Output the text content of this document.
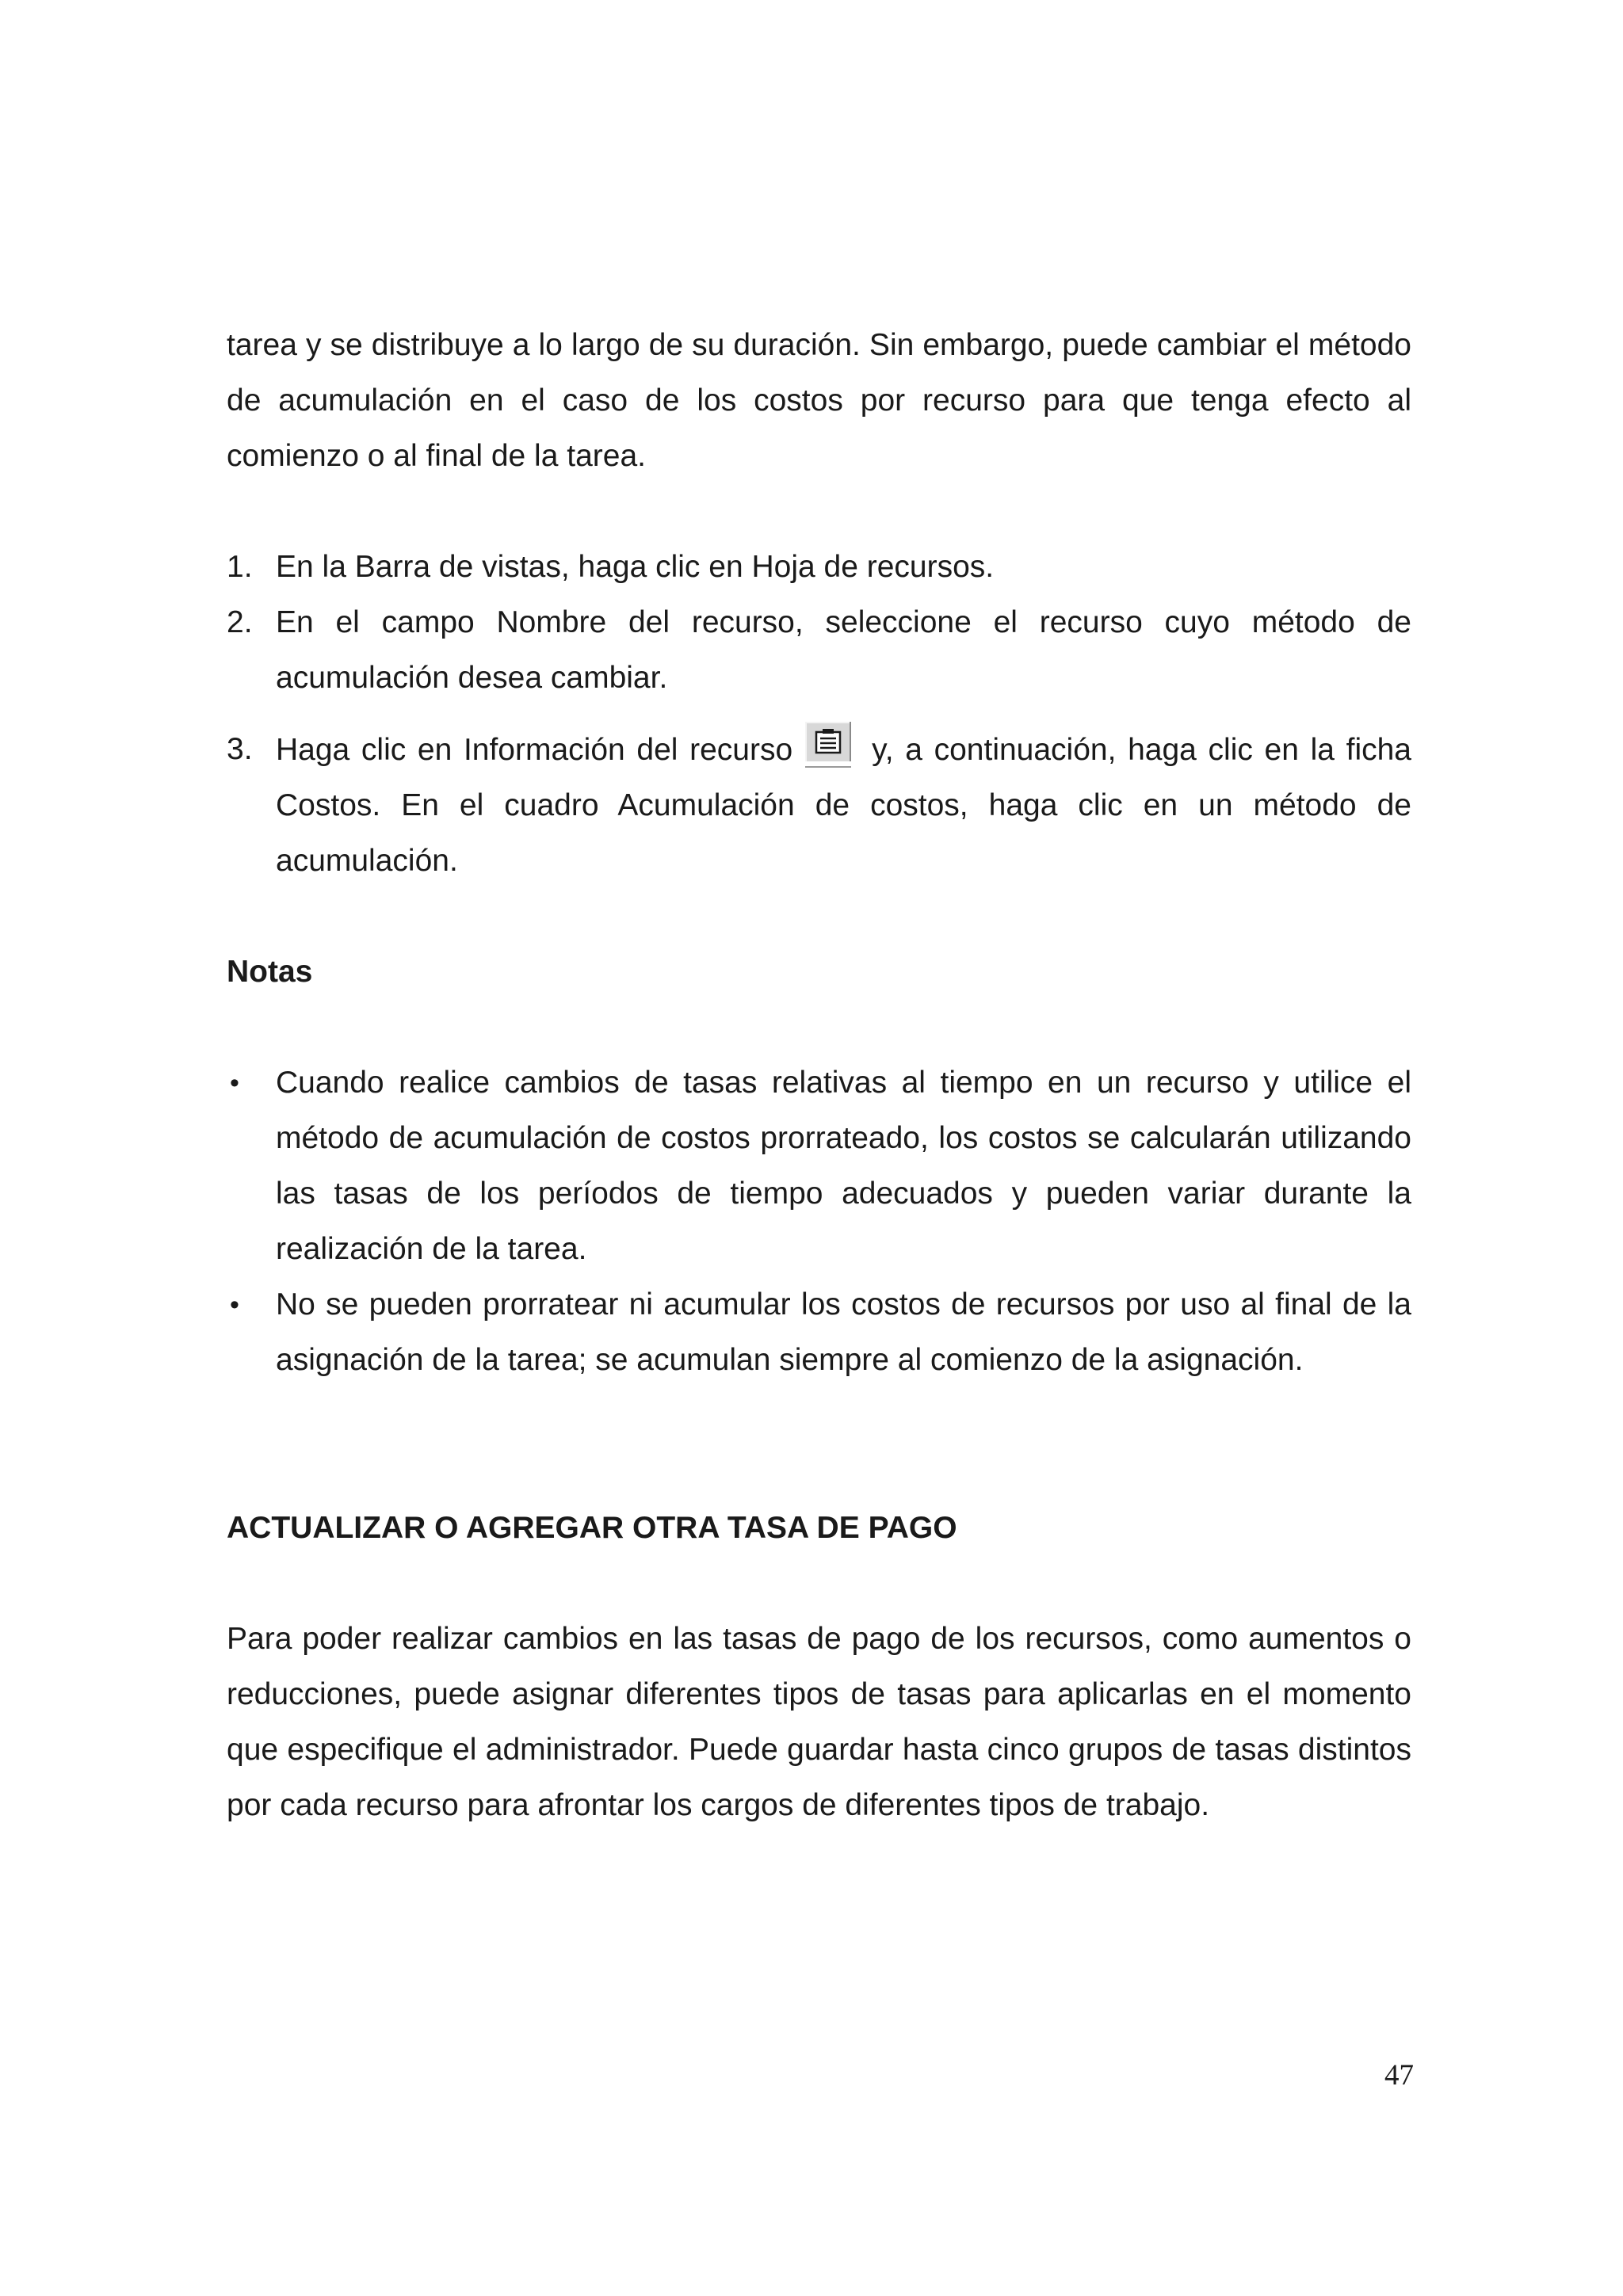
tarea y se distribuye a lo largo de su duración. Sin embargo, puede cambiar el método de acumulación en el caso de los costos por recurso para que tenga efecto al comienzo o al final de la tarea.

1. En la Barra de vistas, haga clic en Hoja de recursos.
2. En el campo Nombre del recurso, seleccione el recurso cuyo método de acumulación desea cambiar.
3. Haga clic en Información del recurso	y, a continuación, haga clic en la ficha Costos. En el cuadro Acumulación de costos, haga clic en un método de acumulación.
Notas
• Cuando realice cambios de tasas relativas al tiempo en un recurso y utilice el método de acumulación de costos prorrateado, los costos se calcularán utilizando las tasas de los períodos de tiempo adecuados y pueden variar durante la realización de la tarea.
• No se pueden prorratear ni acumular los costos de recursos por uso al final de la asignación de la tarea; se acumulan siempre al comienzo de la asignación.
ACTUALIZAR O AGREGAR OTRA TASA DE PAGO

Para poder realizar cambios en las tasas de pago de los recursos, como aumentos o reducciones, puede asignar diferentes tipos de tasas para aplicarlas en el momento que especifique el administrador. Puede guardar hasta cinco grupos de tasas distintos por cada recurso para afrontar los cargos de diferentes tipos de trabajo.

47
